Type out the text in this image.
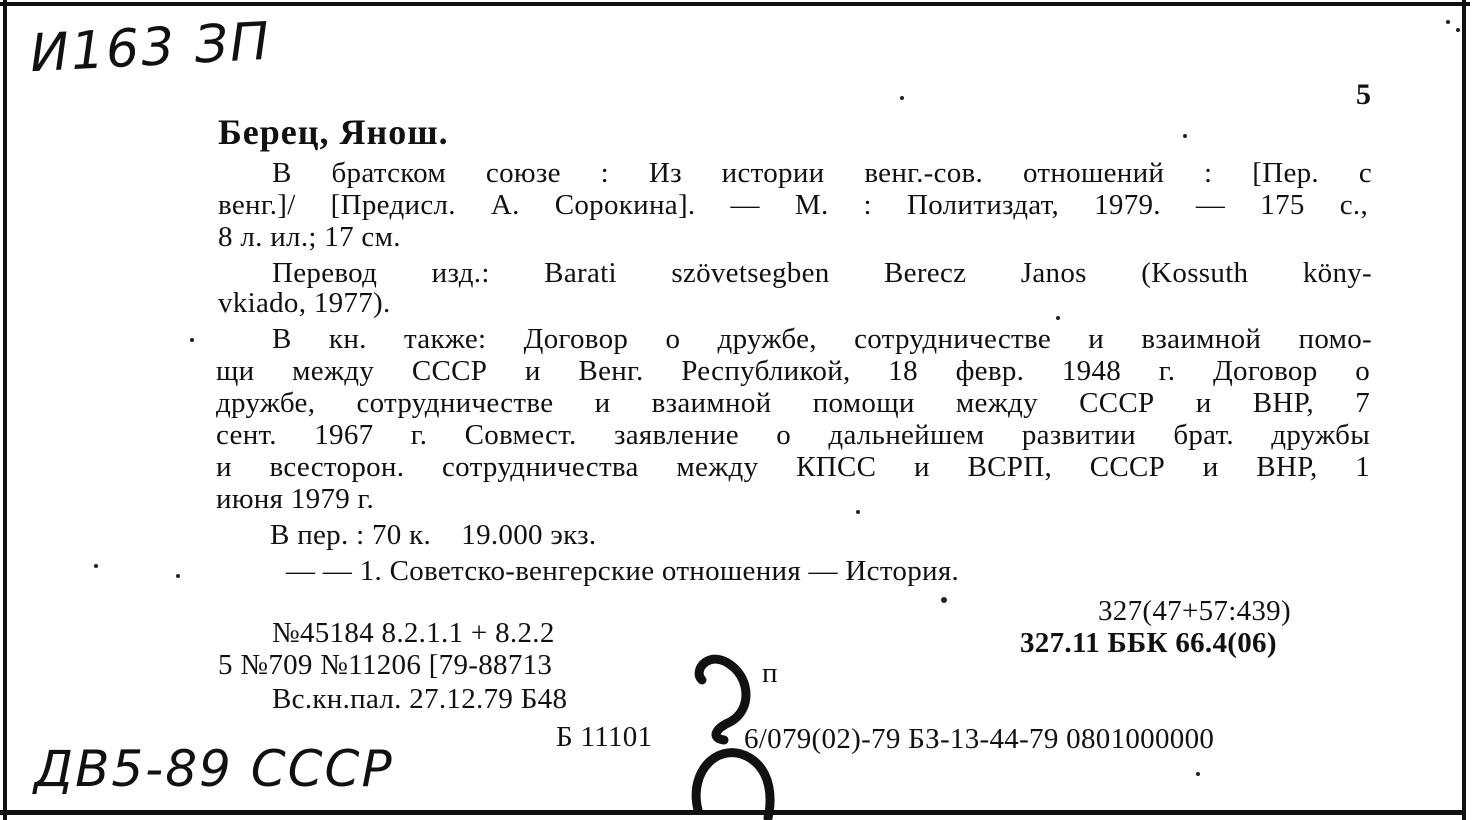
И163 ЗП
ДВ5-89 СССР
5
Берец, Янош.
В братском союзе : Из истории венг.-сов. отношений : [Пер. с
венг.]/ [Предисл. А. Сорокина]. — М. : Политиздат, 1979. — 175 с.,
8 л. ил.; 17 см.
Перевод изд.: Barati szövetsegben Berecz Janos (Kossuth köny-
vkiado, 1977).
В кн. также: Договор о дружбе, сотрудничестве и взаимной помо-
щи между СССР и Венг. Республикой, 18 февр. 1948 г. Договор о
дружбе, сотрудничестве и взаимной помощи между СССР и ВНР, 7
сент. 1967 г. Совмест. заявление о дальнейшем развитии брат. дружбы
и всесторон. сотрудничества между КПСС и ВСРП, СССР и ВНР, 1
июня 1979 г.
В пер. : 70 к.    19.000 экз.
— — 1. Советско-венгерские отношения — История.
327(47+57:439)
327.11 ББК 66.4(06)
№45184 8.2.1.1 + 8.2.2
5 №709 №11206 [79-88713	п
Вс.кн.пал. 27.12.79 Б48
Б 11101	6/079(02)-79 БЗ-13-44-79 0801000000
